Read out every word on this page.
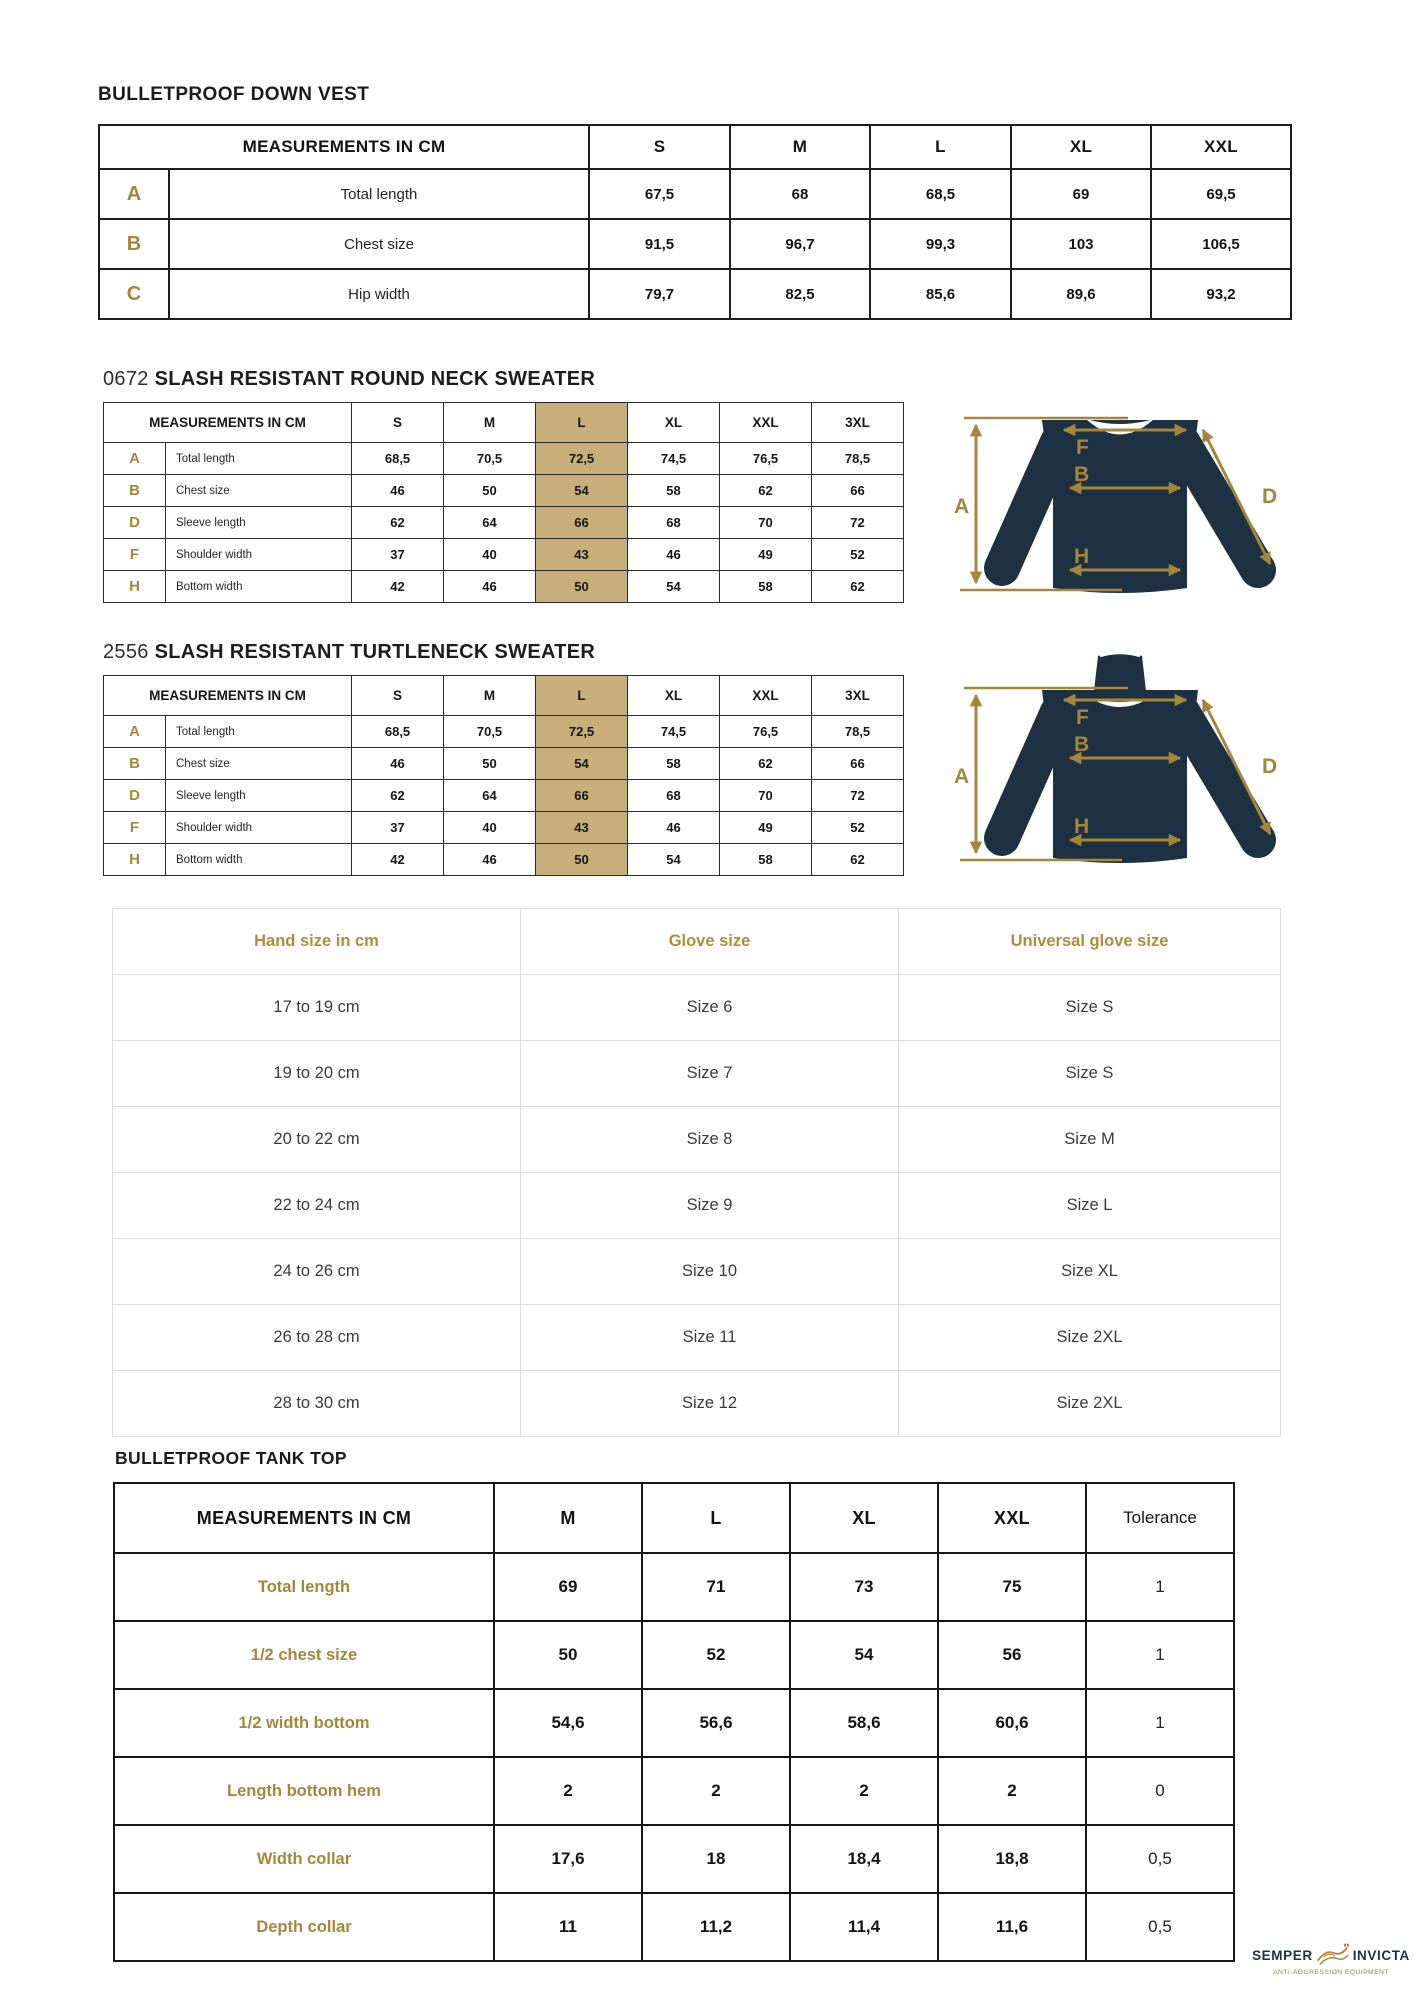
BULLETPROOF DOWN VEST
MEASUREMENTS IN CM		S	M	L	XL	XXL
A	Total length	67,5	68	68,5	69	69,5
B	Chest size	91,5	96,7	99,3	103	106,5
C	Hip width	79,7	82,5	85,6	89,6	93,2
0672 SLASH RESISTANT ROUND NECK SWEATER
MEASUREMENTS IN CM		S	M	L	XL	XXL	3XL
A	Total length	68,5	70,5	72,5	74,5	76,5	78,5
B	Chest size	46	50	54	58	62	66
D	Sleeve length	62	64	66	68	70	72
F	Shoulder width	37	40	43	46	49	52
H	Bottom width	42	46	50	54	58	62
A
F
B
H
D
2556 SLASH RESISTANT TURTLENECK SWEATER
MEASUREMENTS IN CM		S	M	L	XL	XXL	3XL
A	Total length	68,5	70,5	72,5	74,5	76,5	78,5
B	Chest size	46	50	54	58	62	66
D	Sleeve length	62	64	66	68	70	72
F	Shoulder width	37	40	43	46	49	52
H	Bottom width	42	46	50	54	58	62
A
F
B
H
D
Hand size in cm	Glove size	Universal glove size
17 to 19 cm	Size 6	Size S
19 to 20 cm	Size 7	Size S
20 to 22 cm	Size 8	Size M
22 to 24 cm	Size 9	Size L
24 to 26 cm	Size 10	Size XL
26 to 28 cm	Size 11	Size 2XL
28 to 30 cm	Size 12	Size 2XL
BULLETPROOF TANK TOP
MEASUREMENTS IN CM	M	L	XL	XXL	Tolerance
Total length	69	71	73	75	1
1/2 chest size	50	52	54	56	1
1/2 width bottom	54,6	56,6	58,6	60,6	1
Length bottom hem	2	2	2	2	0
Width collar	17,6	18	18,4	18,8	0,5
Depth collar	11	11,2	11,4	11,6	0,5
SEMPER	INVICTA
ANTI-AGGRESSION EQUIPMENT
